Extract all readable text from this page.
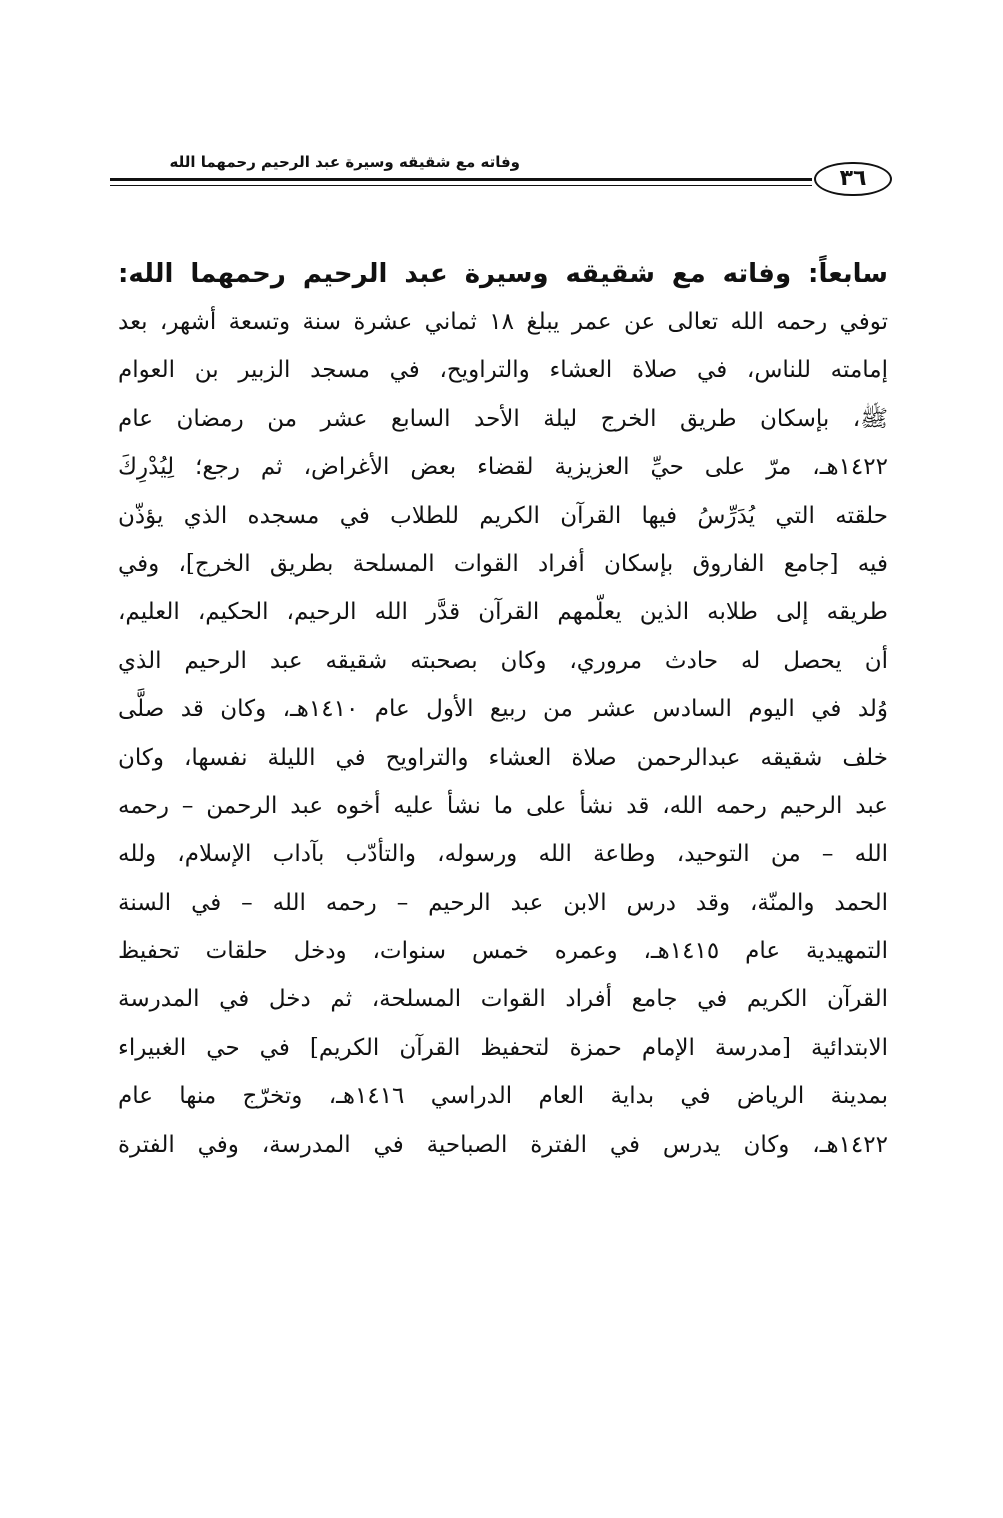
وفاته مع شقيقه وسيرة عبد الرحيم رحمهما الله
٣٦
سابعاً: وفاته مع شقيقه وسيرة عبد الرحيم رحمهما الله:
توفي رحمه الله تعالى عن عمر يبلغ ١٨ ثماني عشرة سنة وتسعة أشهر، بعد
إمامته للناس، في صلاة العشاء والتراويح، في مسجد الزبير بن العوام
ﷺ، بإسكان طريق الخرج ليلة الأحد السابع عشر من رمضان عام
١٤٢٢هـ، مرّ على حيِّ العزيزية لقضاء بعض الأغراض، ثم رجع؛ لِيُدْرِكَ
حلقته التي يُدَرِّسُ فيها القرآن الكريم للطلاب في مسجده الذي يؤذّن
فيه [جامع الفاروق بإسكان أفراد القوات المسلحة بطريق الخرج]، وفي
طريقه إلى طلابه الذين يعلّمهم القرآن قدَّر الله الرحيم، الحكيم، العليم،
أن يحصل له حادث مروري، وكان بصحبته شقيقه عبد الرحيم الذي
وُلد في اليوم السادس عشر من ربيع الأول عام ١٤١٠هـ، وكان قد صلَّى
خلف شقيقه عبدالرحمن صلاة العشاء والتراويح في الليلة نفسها، وكان
عبد الرحيم رحمه الله، قد نشأ على ما نشأ عليه أخوه عبد الرحمن – رحمه
الله – من التوحيد، وطاعة الله ورسوله، والتأدّب بآداب الإسلام، ولله
الحمد والمنّة، وقد درس الابن عبد الرحيم – رحمه الله – في السنة
التمهيدية عام ١٤١٥هـ، وعمره خمس سنوات، ودخل حلقات تحفيظ
القرآن الكريم في جامع أفراد القوات المسلحة، ثم دخل في المدرسة
الابتدائية [مدرسة الإمام حمزة لتحفيظ القرآن الكريم] في حي الغبيراء
بمدينة الرياض في بداية العام الدراسي ١٤١٦هـ، وتخرّج منها عام
١٤٢٢هـ، وكان يدرس في الفترة الصباحية في المدرسة، وفي الفترة
